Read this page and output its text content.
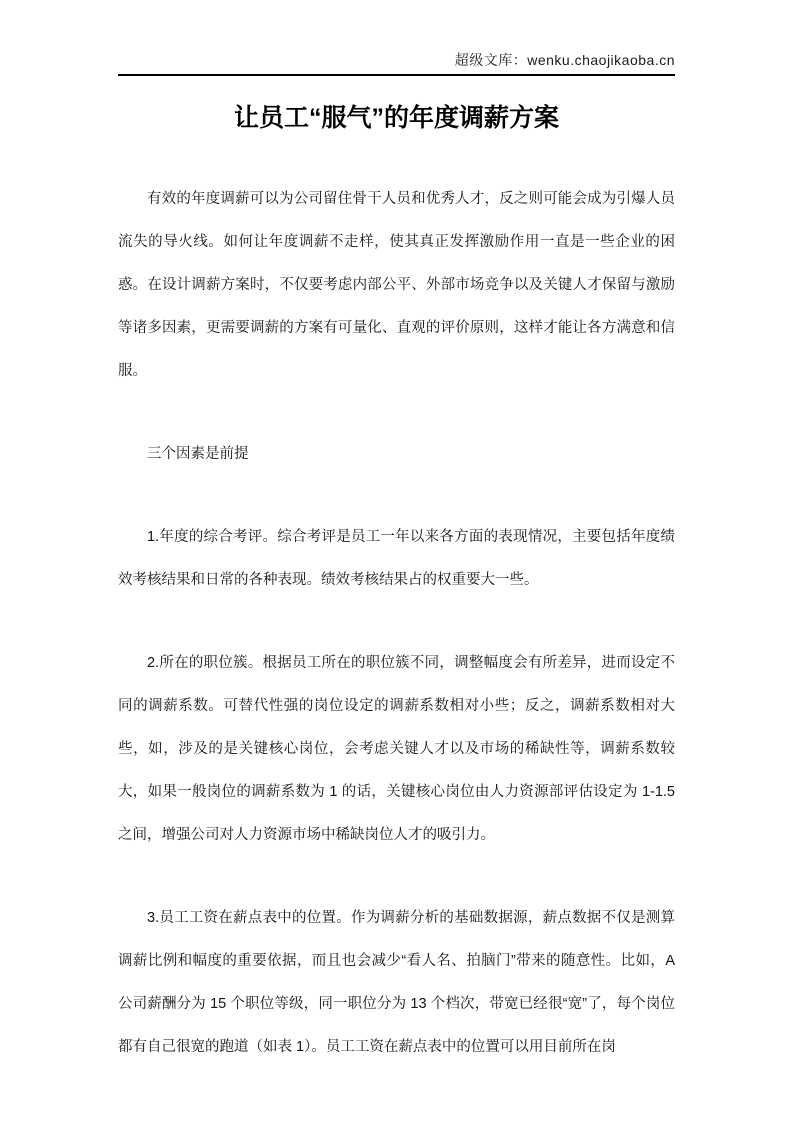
超级文库：wenku.chaojikaoba.cn
让员工“服气”的年度调薪方案

有效的年度调薪可以为公司留住骨干人员和优秀人才，反之则可能会成为引爆人员流失的导火线。如何让年度调薪不走样，使其真正发挥激励作用一直是一些企业的困惑。在设计调薪方案时，不仅要考虑内部公平、外部市场竞争以及关键人才保留与激励等诸多因素，更需要调薪的方案有可量化、直观的评价原则，这样才能让各方满意和信服。

三个因素是前提

1.年度的综合考评。综合考评是员工一年以来各方面的表现情况，主要包括年度绩效考核结果和日常的各种表现。绩效考核结果占的权重要大一些。

2.所在的职位簇。根据员工所在的职位簇不同，调整幅度会有所差异，进而设定不同的调薪系数。可替代性强的岗位设定的调薪系数相对小些；反之，调薪系数相对大些，如，涉及的是关键核心岗位，会考虑关键人才以及市场的稀缺性等，调薪系数较大，如果一般岗位的调薪系数为 1 的话，关键核心岗位由人力资源部评估设定为 1-1.5 之间，增强公司对人力资源市场中稀缺岗位人才的吸引力。

3.员工工资在薪点表中的位置。作为调薪分析的基础数据源，薪点数据不仅是测算调薪比例和幅度的重要依据，而且也会减少“看人名、拍脑门”带来的随意性。比如，A 公司薪酬分为 15 个职位等级，同一职位分为 13 个档次，带宽已经很“宽”了，每个岗位都有自己很宽的跑道（如表 1）。员工工资在薪点表中的位置可以用目前所在岗
